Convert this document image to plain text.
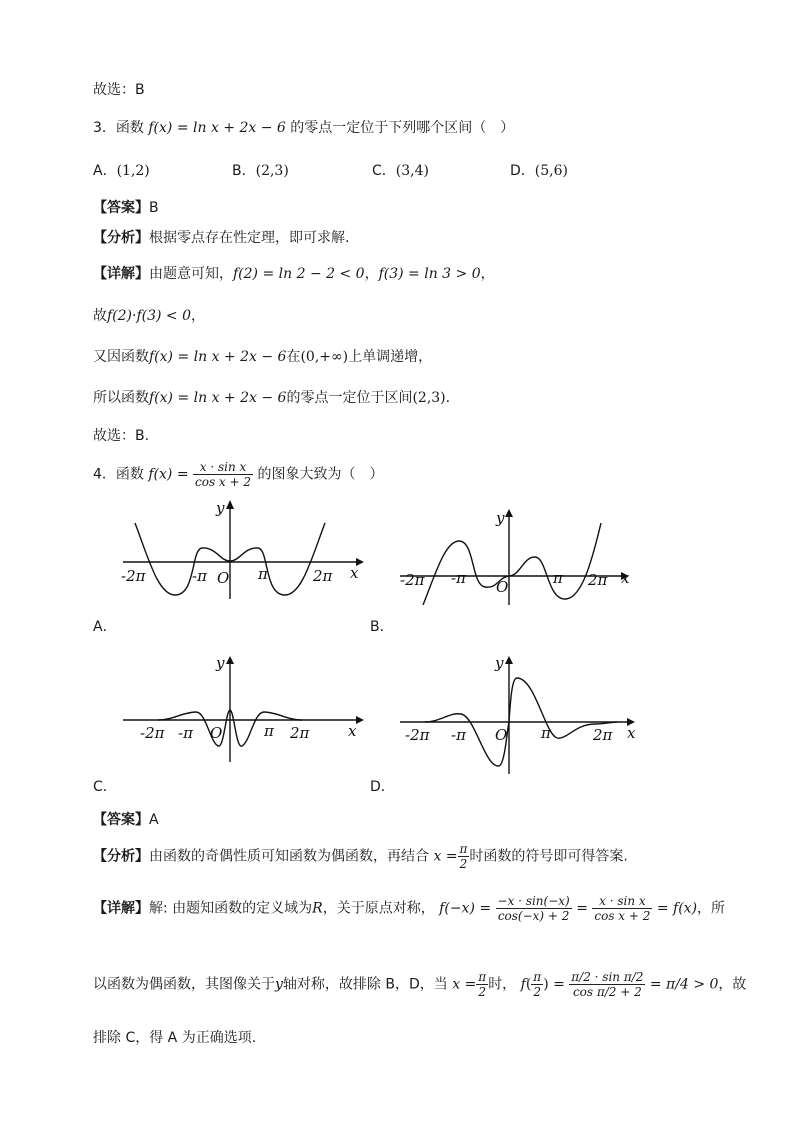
故选：B
3．函数 f(x) = ln x + 2x − 6 的零点一定位于下列哪个区间（　）
A．(1,2)	B．(2,3)	C．(3,4)	D．(5,6)
【答案】B
【分析】根据零点存在性定理，即可求解.
【详解】由题意可知，f(2) = ln 2 − 2 < 0，f(3) = ln 3 > 0，
故f(2)·f(3) < 0，
又因函数f(x) = ln x + 2x − 6在(0,+∞)上单调递增，
所以函数f(x) = ln x + 2x − 6的零点一定位于区间(2,3).
故选：B.
4．函数 $f(x) = \frac{\text{x · sin x}}{\text{cos x + 2}}$ 的图象大致为（　）
-2π	-π O π	2π x
y
A．
-2π -π O	π 2π x
y
B．
-2π -π O	π 2π	x
y
C．
-2π -π O π	2π x
y
D．
【答案】A
【分析】由函数的奇偶性质可知函数为偶函数，再结合 $x = \frac{\pi}{2}$ 时函数的符号即可得答案.
【详解】解: 由题知函数的定义域为R，关于原点对称， $f(-x) = \frac{-x \cdot \sin(-x)}{\cos(-x) + 2} = \frac{\text{x · sin x}}{\text{cos x + 2}} = f(x)$，所
以函数为偶函数，其图像关于y轴对称，故排除 B，D，当 $x = \frac{\pi}{2}$ 时， $f( \frac{\pi}{2}$ ) = $\frac{\text{π/2 · sin π/2}}{\text{cos π/2 + 2}} = \pi/4 > 0$，故
排除 C，得 A 为正确选项.
